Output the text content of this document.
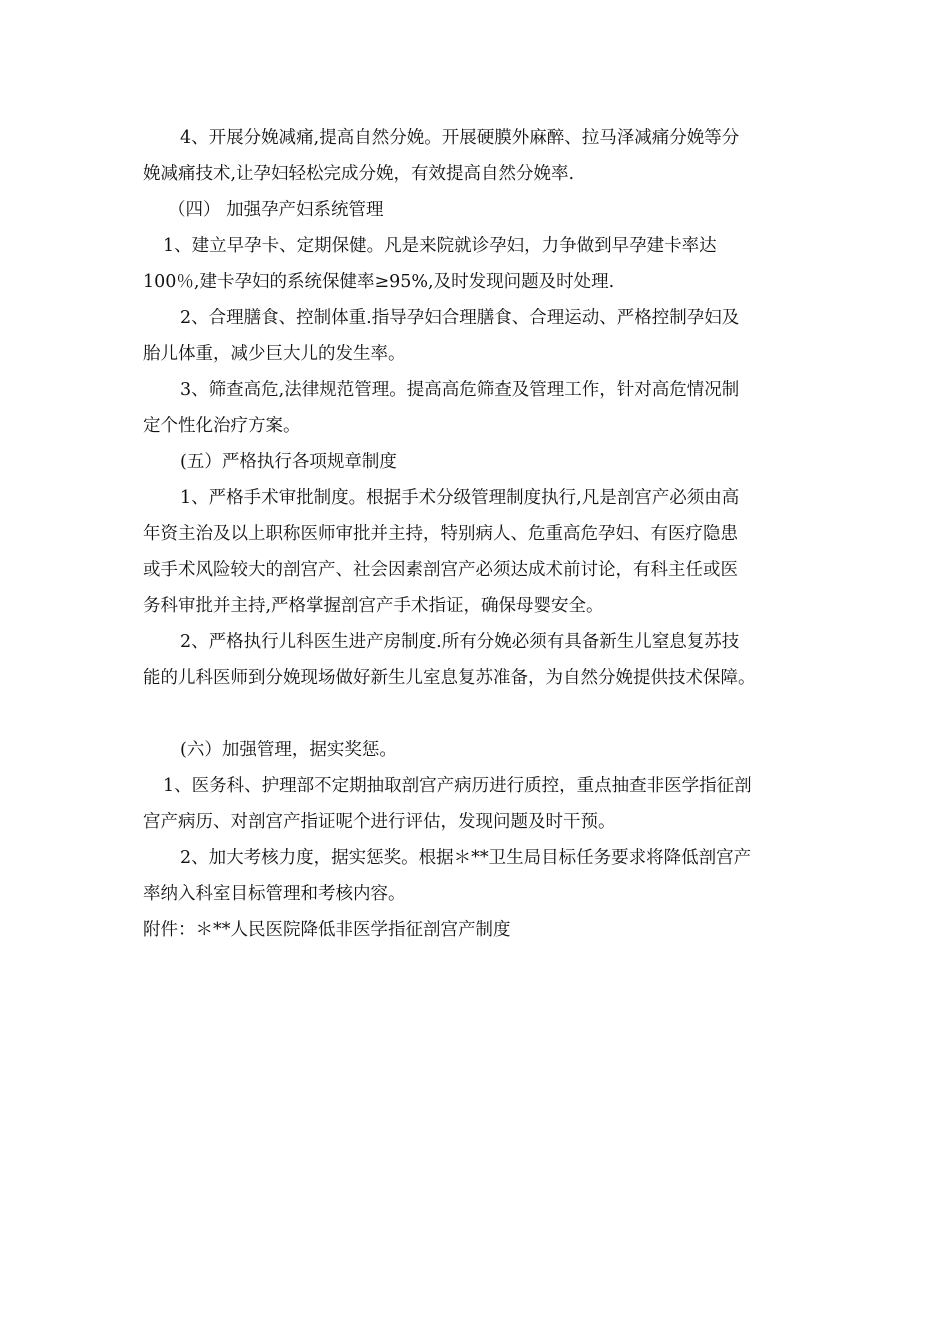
4、开展分娩减痛,提高自然分娩。开展硬膜外麻醉、拉马泽减痛分娩等分
娩减痛技术,让孕妇轻松完成分娩，有效提高自然分娩率.
（四） 加强孕产妇系统管理
1、建立早孕卡、定期保健。凡是来院就诊孕妇，力争做到早孕建卡率达
100％,建卡孕妇的系统保健率≥95%,及时发现问题及时处理.
2、合理膳食、控制体重.指导孕妇合理膳食、合理运动、严格控制孕妇及
胎儿体重，减少巨大儿的发生率。
3、筛查高危,法律规范管理。提高高危筛查及管理工作，针对高危情况制
定个性化治疗方案。
(五）严格执行各项规章制度
1、严格手术审批制度。根据手术分级管理制度执行,凡是剖宫产必须由高
年资主治及以上职称医师审批并主持，特别病人、危重高危孕妇、有医疗隐患
或手术风险较大的剖宫产、社会因素剖宫产必须达成术前讨论，有科主任或医
务科审批并主持,严格掌握剖宫产手术指证，确保母婴安全。
2、严格执行儿科医生进产房制度.所有分娩必须有具备新生儿窒息复苏技
能的儿科医师到分娩现场做好新生儿室息复苏准备，为自然分娩提供技术保障。
(六）加强管理，据实奖惩。
1、医务科、护理部不定期抽取剖宫产病历进行质控，重点抽查非医学指征剖
宫产病历、对剖宫产指证呢个进行评估，发现问题及时干预。
2、加大考核力度，据实惩奖。根据＊**卫生局目标任务要求将降低剖宫产
率纳入科室目标管理和考核内容。
附件：＊**人民医院降低非医学指征剖宫产制度
